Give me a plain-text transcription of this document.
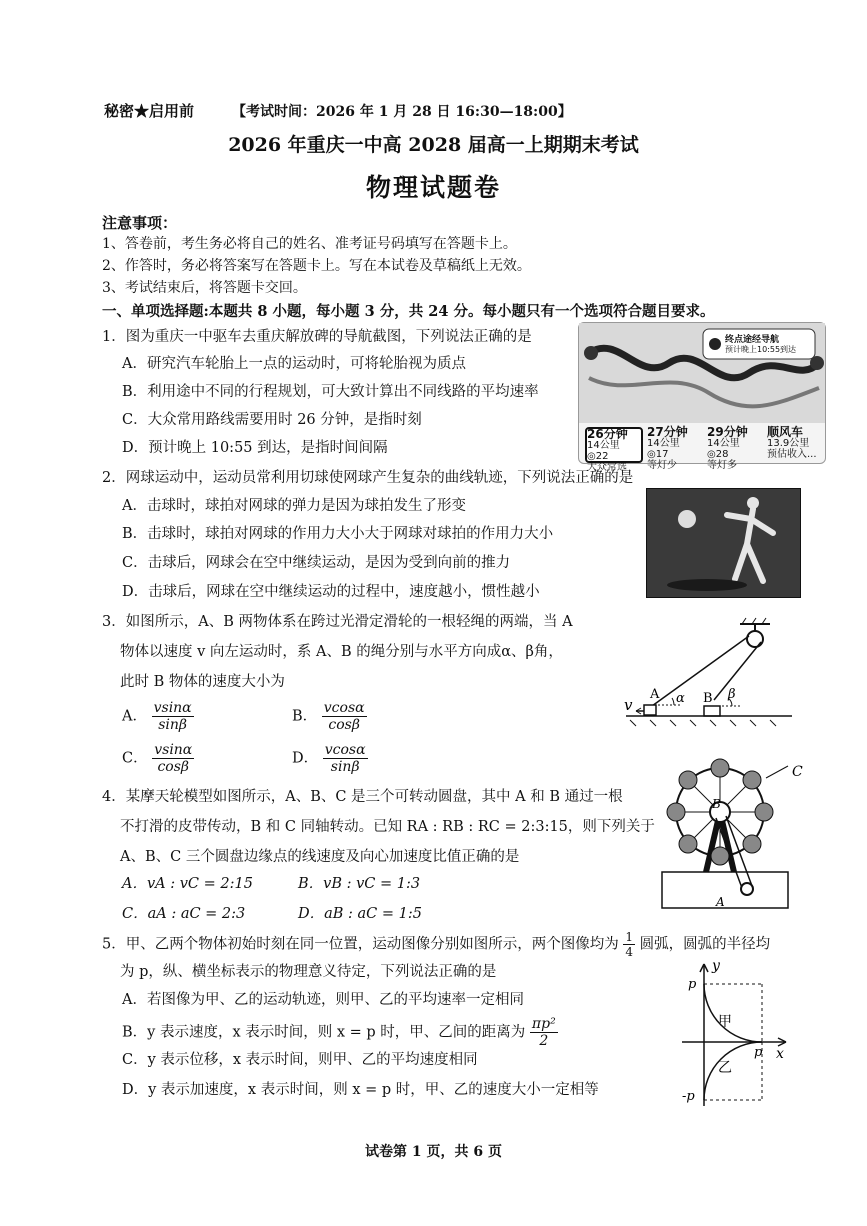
秘密★启用前	【考试时间：2026 年 1 月 28 日 16:30—18:00】
2026 年重庆一中高 2028 届高一上期期末考试
物理试题卷
注意事项：
1、答卷前，考生务必将自己的姓名、准考证号码填写在答题卡上。
2、作答时，务必将答案写在答题卡上。写在本试卷及草稿纸上无效。
3、考试结束后，将答题卡交回。
一、单项选择题:本题共 8 小题，每小题 3 分，共 24 分。每小题只有一个选项符合题目要求。
1．图为重庆一中驱车去重庆解放碑的导航截图，下列说法正确的是
A．研究汽车轮胎上一点的运动时，可将轮胎视为质点
B．利用途中不同的行程规划，可大致计算出不同线路的平均速率
C．大众常用路线需要用时 26 分钟，是指时刻
D．预计晚上 10:55 到达，是指时间间隔
终点途经导航
预计晚上10:55到达
26分钟
14公里 ◎22
大众常选
27分钟
14公里 ◎17
等灯少
29分钟
14公里 ◎28
等灯多
顺风车
13.9公里
预估收入...
2．网球运动中，运动员常利用切球使网球产生复杂的曲线轨迹，下列说法正确的是
A．击球时，球拍对网球的弹力是因为球拍发生了形变
B．击球时，球拍对网球的作用力大小大于网球对球拍的作用力大小
C．击球后，网球会在空中继续运动，是因为受到向前的推力
D．击球后，网球在空中继续运动的过程中，速度越小，惯性越小
3．如图所示，A、B 两物体系在跨过光滑定滑轮的一根轻绳的两端，当 A
物体以速度 v 向左运动时，系 A、B 的绳分别与水平方向成α、β角，
此时 B 物体的速度大小为
A． $\frac{vsin\alpha}{\sin\beta}$	B． $\frac{vcos\alpha}{\cos\beta}$
C． $\frac{vsin\alpha}{\cos\beta}$	D． $\frac{vcos\alpha}{\sin\beta}$
v
A α B β
4．某摩天轮模型如图所示，A、B、C 是三个可转动圆盘，其中 A 和 B 通过一根
不打滑的皮带传动，B 和 C 同轴转动。已知 RA : RB : RC = 2:3:15，则下列关于
A、B、C 三个圆盘边缘点的线速度及向心加速度比值正确的是
A．vA : vC = 2:15	B．vB : vC = 1:3
C．aA : aC = 2:3	D．aB : aC = 1:5
C
B
A
5．甲、乙两个物体初始时刻在同一位置，运动图像分别如图所示，两个图像均为 $\frac{1}{4}$ 圆弧，圆弧的半径均
为 p，纵、横坐标表示的物理意义待定，下列说法正确的是
A．若图像为甲、乙的运动轨迹，则甲、乙的平均速率一定相同
B．y 表示速度，x 表示时间，则 x = p 时，甲、乙间的距离为 $\frac{\text{πp²}}{2}$
C．y 表示位移，x 表示时间，则甲、乙的平均速度相同
D．y 表示加速度，x 表示时间，则 x = p 时，甲、乙的速度大小一定相等
y
x
p
p
-p
甲
乙
试卷第 1 页，共 6 页
